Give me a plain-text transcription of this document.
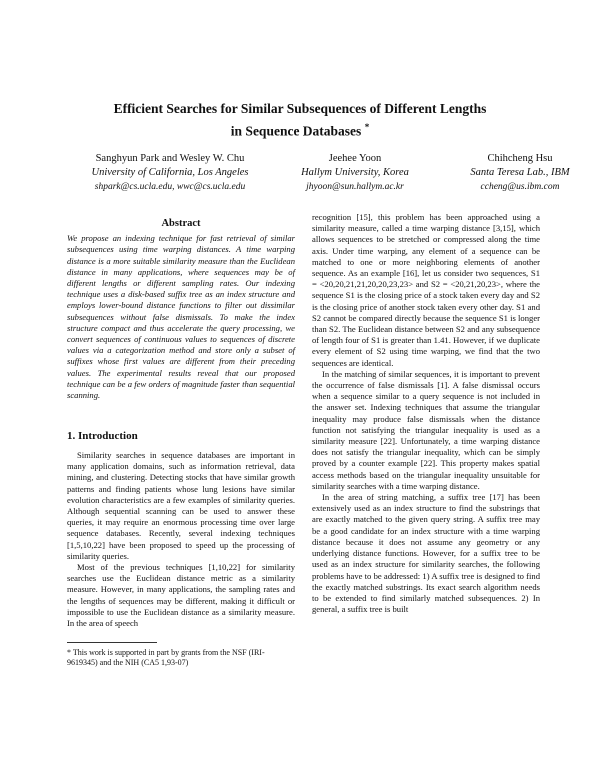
Efficient Searches for Similar Subsequences of Different Lengths
in Sequence Databases *
Sanghyun Park and Wesley W. Chu
University of California, Los Angeles
shpark@cs.ucla.edu, wwc@cs.ucla.edu
Jeehee Yoon
Hallym University, Korea
jhyoon@sun.hallym.ac.kr
Chihcheng Hsu
Santa Teresa Lab., IBM
ccheng@us.ibm.com
Abstract

We propose an indexing technique for fast retrieval of similar subsequences using time warping distances. A time warping distance is a more suitable similarity measure than the Euclidean distance in many applications, where sequences may be of different lengths or different sampling rates. Our indexing technique uses a disk-based suffix tree as an index structure and employs lower-bound distance functions to filter out dissimilar subsequences without false dismissals. To make the index structure compact and thus accelerate the query processing, we convert sequences of continuous values to sequences of discrete values via a categorization method and store only a subset of suffixes whose first values are different from their preceding values. The experimental results reveal that our proposed technique can be a few orders of magnitude faster than sequential scanning.

1. Introduction

Similarity searches in sequence databases are important in many application domains, such as information retrieval, data mining, and clustering. Detecting stocks that have similar growth patterns and finding patients whose lung lesions have similar evolution characteristics are a few examples of similarity queries. Although sequential scanning can be used to answer these queries, it may require an enormous processing time over large sequence databases. Recently, several indexing techniques [1,5,10,22] have been proposed to speed up the processing of similarity queries.

Most of the previous techniques [1,10,22] for similarity searches use the Euclidean distance metric as a similarity measure. However, in many applications, the sampling rates and the lengths of sequences may be different, making it difficult or impossible to use the Euclidean distance as a similarity measure. In the area of speech

* This work is supported in part by grants from the NSF (IRI-9619345) and the NIH (CA5 1,93-07)

recognition [15], this problem has been approached using a similarity measure, called a time warping distance [3,15], which allows sequences to be stretched or compressed along the time axis. Under time warping, any element of a sequence can be matched to one or more neighboring elements of another sequence. As an example [16], let us consider two sequences, S1 = <20,20,21,21,20,20,23,23> and S2 = <20,21,20,23>, where the sequence S1 is the closing price of a stock taken every day and S2 is the closing price of another stock taken every other day. S1 and S2 cannot be compared directly because the sequence S1 is longer than S2. The Euclidean distance between S2 and any subsequence of length four of S1 is greater than 1.41. However, if we duplicate every element of S2 using time warping, we find that the two sequences are identical.

In the matching of similar sequences, it is important to prevent the occurrence of false dismissals [1]. A false dismissal occurs when a sequence similar to a query sequence is not included in the answer set. Indexing techniques that assume the triangular inequality may produce false dismissals when the distance function not satisfying the triangular inequality is used as a similarity measure [22]. Unfortunately, a time warping distance does not satisfy the triangular inequality, which can be simply proved by a counter example [22]. This property makes spatial access methods based on the triangular inequality unsuitable for similarity searches with a time warping distance.

In the area of string matching, a suffix tree [17] has been extensively used as an index structure to find the substrings that are exactly matched to the given query string. A suffix tree may be a good candidate for an index structure with a time warping distance because it does not assume any geometry or any underlying distance functions. However, for a suffix tree to be used as an index structure for similarity searches, the following problems have to be addressed: 1) A suffix tree is designed to find the exactly matched substrings. Its exact search algorithm needs to be extended to find similarly matched subsequences. 2) In general, a suffix tree is built
